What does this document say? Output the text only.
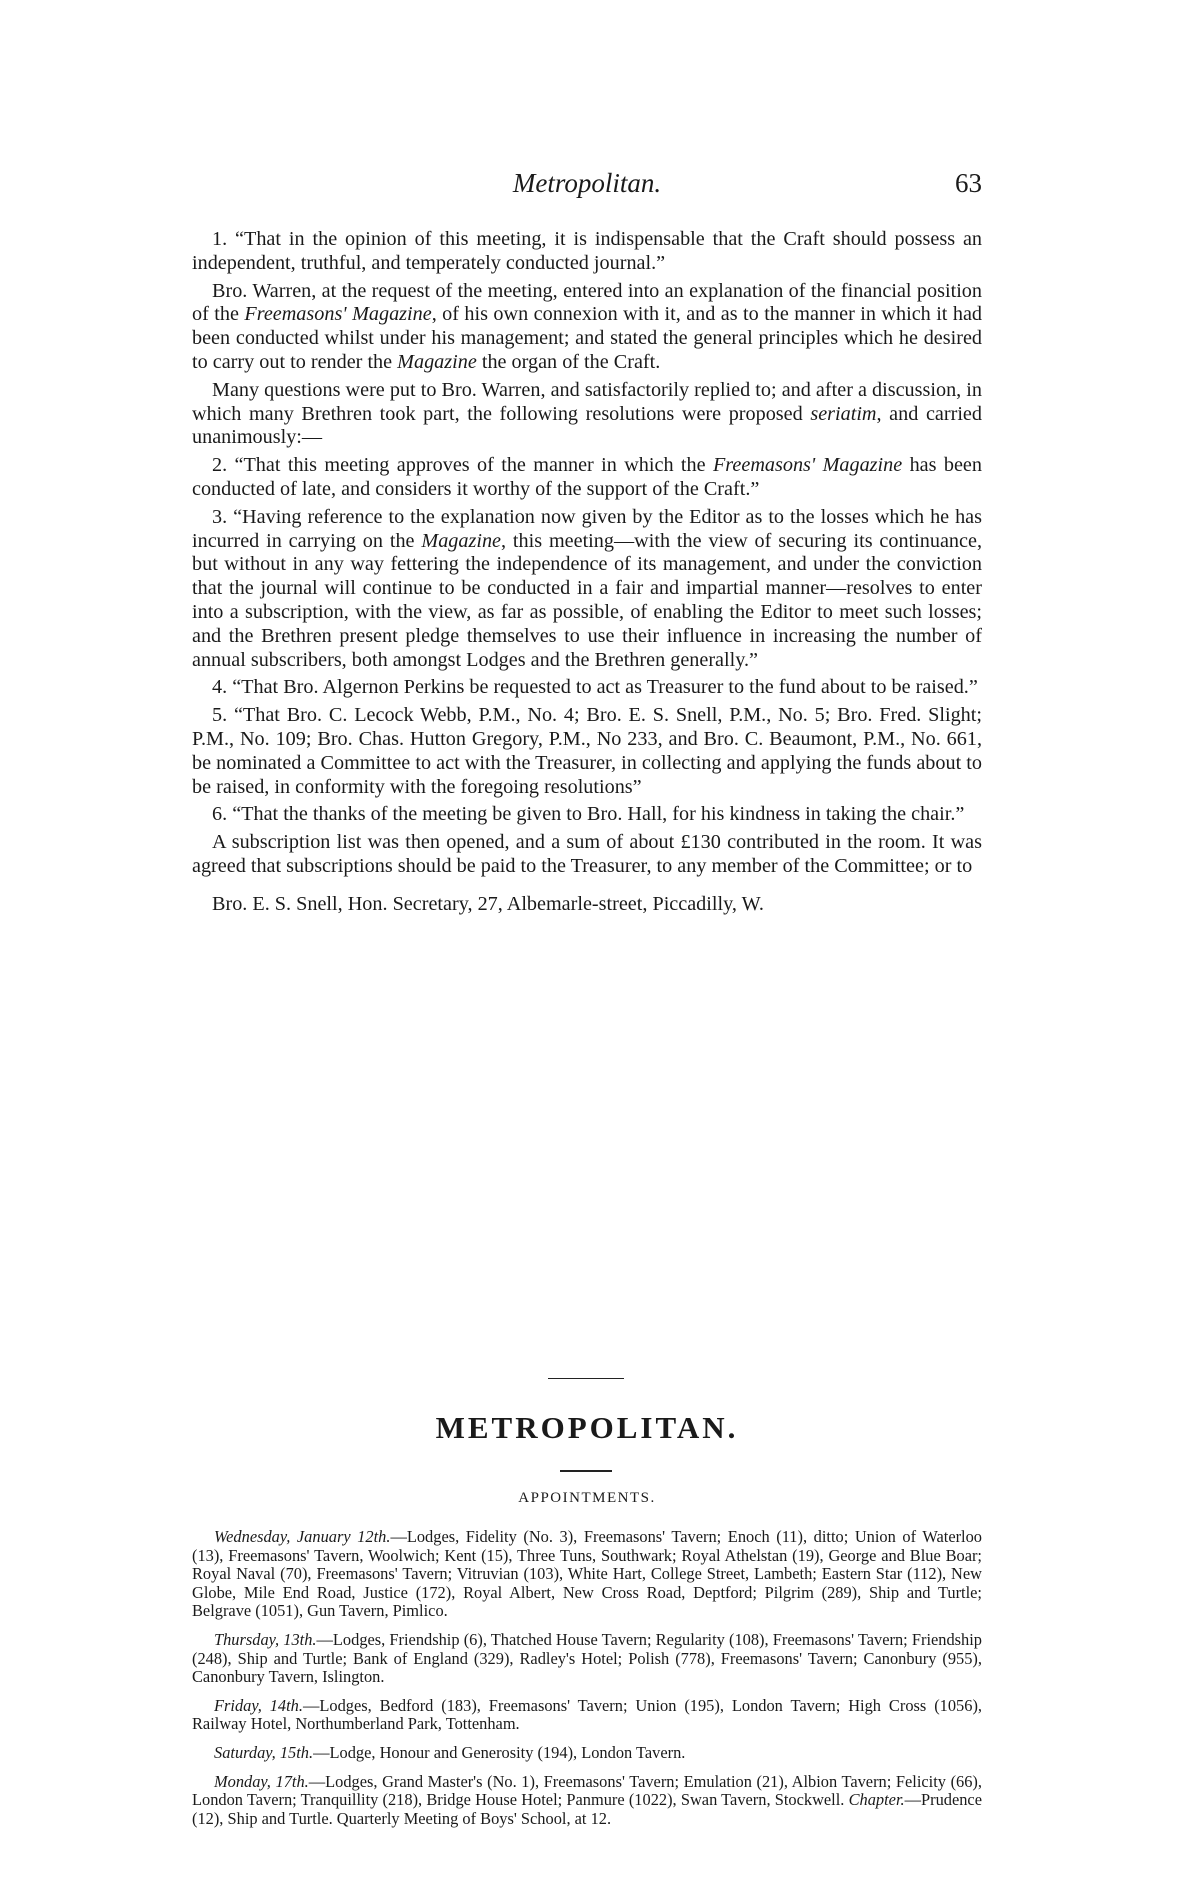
Metropolitan.	63

1. “That in the opinion of this meeting, it is indispensable that the Craft should possess an independent, truthful, and temperately conducted journal.”

Bro. Warren, at the request of the meeting, entered into an explanation of the financial position of the Freemasons' Magazine, of his own connexion with it, and as to the manner in which it had been conducted whilst under his management; and stated the general principles which he desired to carry out to render the Magazine the organ of the Craft.

Many questions were put to Bro. Warren, and satisfactorily replied to; and after a discussion, in which many Brethren took part, the following resolutions were proposed seriatim, and carried unanimously:—

2. “That this meeting approves of the manner in which the Freemasons' Magazine has been conducted of late, and considers it worthy of the support of the Craft.”

3. “Having reference to the explanation now given by the Editor as to the losses which he has incurred in carrying on the Magazine, this meeting—with the view of securing its continuance, but without in any way fettering the independence of its management, and under the conviction that the journal will continue to be conducted in a fair and impartial manner—resolves to enter into a subscription, with the view, as far as possible, of enabling the Editor to meet such losses; and the Brethren present pledge themselves to use their influence in increasing the number of annual subscribers, both amongst Lodges and the Brethren generally.”

4. “That Bro. Algernon Perkins be requested to act as Treasurer to the fund about to be raised.”

5. “That Bro. C. Lecock Webb, P.M., No. 4; Bro. E. S. Snell, P.M., No. 5; Bro. Fred. Slight; P.M., No. 109; Bro. Chas. Hutton Gregory, P.M., No 233, and Bro. C. Beaumont, P.M., No. 661, be nominated a Committee to act with the Treasurer, in collecting and applying the funds about to be raised, in conformity with the foregoing resolutions”

6. “That the thanks of the meeting be given to Bro. Hall, for his kindness in taking the chair.”

A subscription list was then opened, and a sum of about £130 contributed in the room. It was agreed that subscriptions should be paid to the Treasurer, to any member of the Committee; or to

Bro. E. S. Snell, Hon. Secretary, 27, Albemarle-street, Piccadilly, W.

METROPOLITAN.
APPOINTMENTS.

Wednesday, January 12th.—Lodges, Fidelity (No. 3), Freemasons' Tavern; Enoch (11), ditto; Union of Waterloo (13), Freemasons' Tavern, Woolwich; Kent (15), Three Tuns, Southwark; Royal Athelstan (19), George and Blue Boar; Royal Naval (70), Freemasons' Tavern; Vitruvian (103), White Hart, College Street, Lambeth; Eastern Star (112), New Globe, Mile End Road, Justice (172), Royal Albert, New Cross Road, Deptford; Pilgrim (289), Ship and Turtle; Belgrave (1051), Gun Tavern, Pimlico.

Thursday, 13th.—Lodges, Friendship (6), Thatched House Tavern; Regularity (108), Freemasons' Tavern; Friendship (248), Ship and Turtle; Bank of England (329), Radley's Hotel; Polish (778), Freemasons' Tavern; Canonbury (955), Canonbury Tavern, Islington.

Friday, 14th.—Lodges, Bedford (183), Freemasons' Tavern; Union (195), London Tavern; High Cross (1056), Railway Hotel, Northumberland Park, Tottenham.

Saturday, 15th.—Lodge, Honour and Generosity (194), London Tavern.

Monday, 17th.—Lodges, Grand Master's (No. 1), Freemasons' Tavern; Emulation (21), Albion Tavern; Felicity (66), London Tavern; Tranquillity (218), Bridge House Hotel; Panmure (1022), Swan Tavern, Stockwell. Chapter.—Prudence (12), Ship and Turtle. Quarterly Meeting of Boys' School, at 12.
